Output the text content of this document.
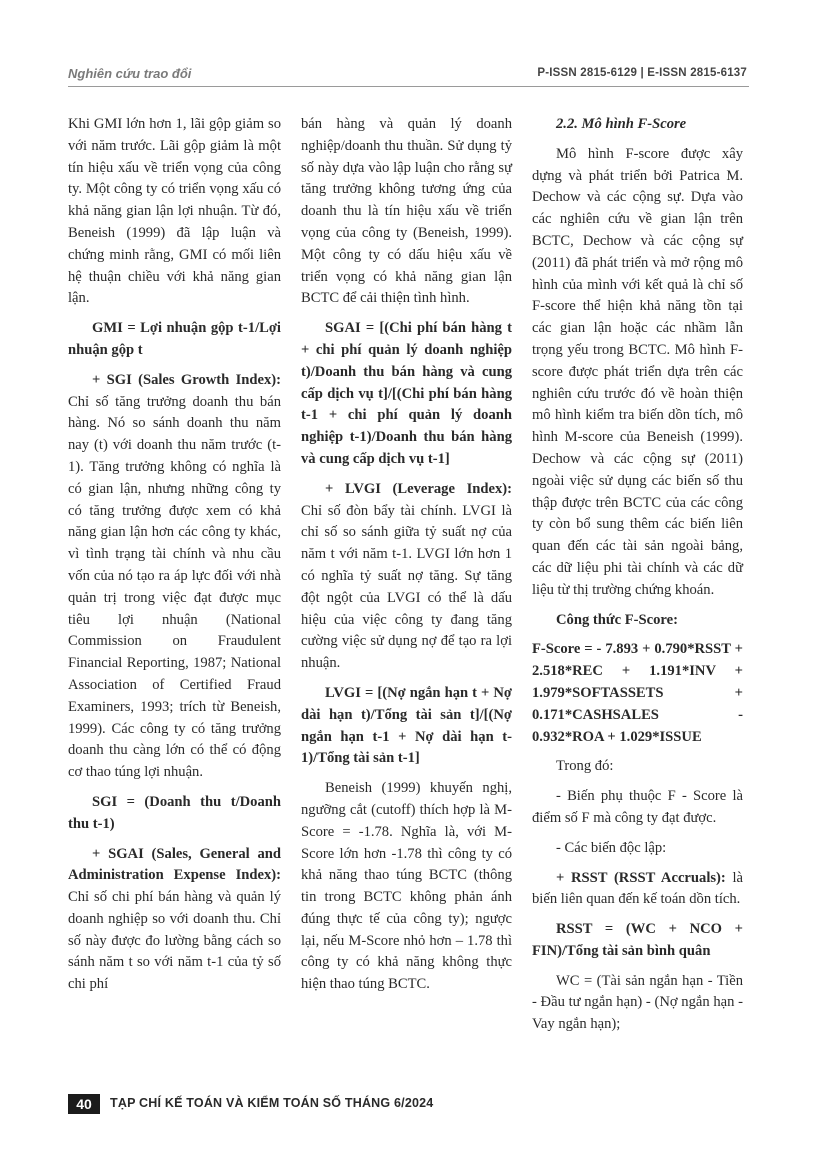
Nghiên cứu trao đổi	P-ISSN 2815-6129 | E-ISSN 2815-6137

Khi GMI lớn hơn 1, lãi gộp giảm so với năm trước. Lãi gộp giảm là một tín hiệu xấu về triển vọng của công ty. Một công ty có triển vọng xấu có khả năng gian lận lợi nhuận. Từ đó, Beneish (1999) đã lập luận và chứng minh rằng, GMI có mối liên hệ thuận chiều với khả năng gian lận.

GMI = Lợi nhuận gộp t-1/Lợi nhuận gộp t

+ SGI (Sales Growth Index): Chỉ số tăng trưởng doanh thu bán hàng. Nó so sánh doanh thu năm nay (t) với doanh thu năm trước (t-1). Tăng trưởng không có nghĩa là có gian lận, nhưng những công ty có tăng trưởng được xem có khả năng gian lận hơn các công ty khác, vì tình trạng tài chính và nhu cầu vốn của nó tạo ra áp lực đối với nhà quản trị trong việc đạt được mục tiêu lợi nhuận (National Commission on Fraudulent Financial Reporting, 1987; National Association of Certified Fraud Examiners, 1993; trích từ Beneish, 1999). Các công ty có tăng trưởng doanh thu càng lớn có thể có động cơ thao túng lợi nhuận.

SGI = (Doanh thu t/Doanh thu t-1)

+ SGAI (Sales, General and Administration Expense Index): Chỉ số chi phí bán hàng và quản lý doanh nghiệp so với doanh thu. Chỉ số này được đo lường bằng cách so sánh năm t so với năm t-1 của tỷ số chi phí

bán hàng và quản lý doanh nghiệp/doanh thu thuần. Sử dụng tỷ số này dựa vào lập luận cho rằng sự tăng trưởng không tương ứng của doanh thu là tín hiệu xấu về triển vọng của công ty (Beneish, 1999). Một công ty có dấu hiệu xấu về triển vọng có khả năng gian lận BCTC để cải thiện tình hình.

SGAI = [(Chi phí bán hàng t + chi phí quản lý doanh nghiệp t)/Doanh thu bán hàng và cung cấp dịch vụ t]/[(Chi phí bán hàng t-1 + chi phí quản lý doanh nghiệp t-1)/Doanh thu bán hàng và cung cấp dịch vụ t-1]

+ LVGI (Leverage Index): Chỉ số đòn bẩy tài chính. LVGI là chỉ số so sánh giữa tỷ suất nợ của năm t với năm t-1. LVGI lớn hơn 1 có nghĩa tỷ suất nợ tăng. Sự tăng đột ngột của LVGI có thể là dấu hiệu của việc công ty đang tăng cường việc sử dụng nợ để tạo ra lợi nhuận.

LVGI = [(Nợ ngắn hạn t + Nợ dài hạn t)/Tổng tài sản t]/[(Nợ ngắn hạn t-1 + Nợ dài hạn t-1)/Tổng tài sản t-1]

Beneish (1999) khuyến nghị, ngưỡng cắt (cutoff) thích hợp là M-Score = -1.78. Nghĩa là, với M-Score lớn hơn -1.78 thì công ty có khả năng thao túng BCTC (thông tin trong BCTC không phản ánh đúng thực tế của công ty); ngược lại, nếu M-Score nhỏ hơn – 1.78 thì công ty có khả năng không thực hiện thao túng BCTC.

2.2. Mô hình F-Score

Mô hình F-score được xây dựng và phát triển bởi Patrica M. Dechow và các cộng sự. Dựa vào các nghiên cứu về gian lận trên BCTC, Dechow và các cộng sự (2011) đã phát triển và mở rộng mô hình của mình với kết quả là chỉ số F-score thể hiện khả năng tồn tại các gian lận hoặc các nhầm lẫn trọng yếu trong BCTC. Mô hình F-score được phát triển dựa trên các nghiên cứu trước đó về hoàn thiện mô hình kiểm tra biến dồn tích, mô hình M-score của Beneish (1999). Dechow và các cộng sự (2011) ngoài việc sử dụng các biến số thu thập được trên BCTC của các công ty còn bổ sung thêm các biến liên quan đến các tài sản ngoài bảng, các dữ liệu phi tài chính và các dữ liệu từ thị trường chứng khoán.

Công thức F-Score:

F-Score = - 7.893 + 0.790*RSST + 2.518*REC + 1.191*INV + 1.979*SOFTASSETS + 0.171*CASHSALES - 0.932*ROA + 1.029*ISSUE

Trong đó:

- Biến phụ thuộc F - Score là điểm số F mà công ty đạt được.

- Các biến độc lập:

+ RSST (RSST Accruals): là biến liên quan đến kế toán dồn tích.

RSST = (WC + NCO + FIN)/Tổng tài sản bình quân

WC = (Tài sản ngắn hạn - Tiền - Đầu tư ngắn hạn) - (Nợ ngắn hạn - Vay ngắn hạn);

40	TẠP CHÍ KẾ TOÁN VÀ KIỂM TOÁN SỐ THÁNG 6/2024
